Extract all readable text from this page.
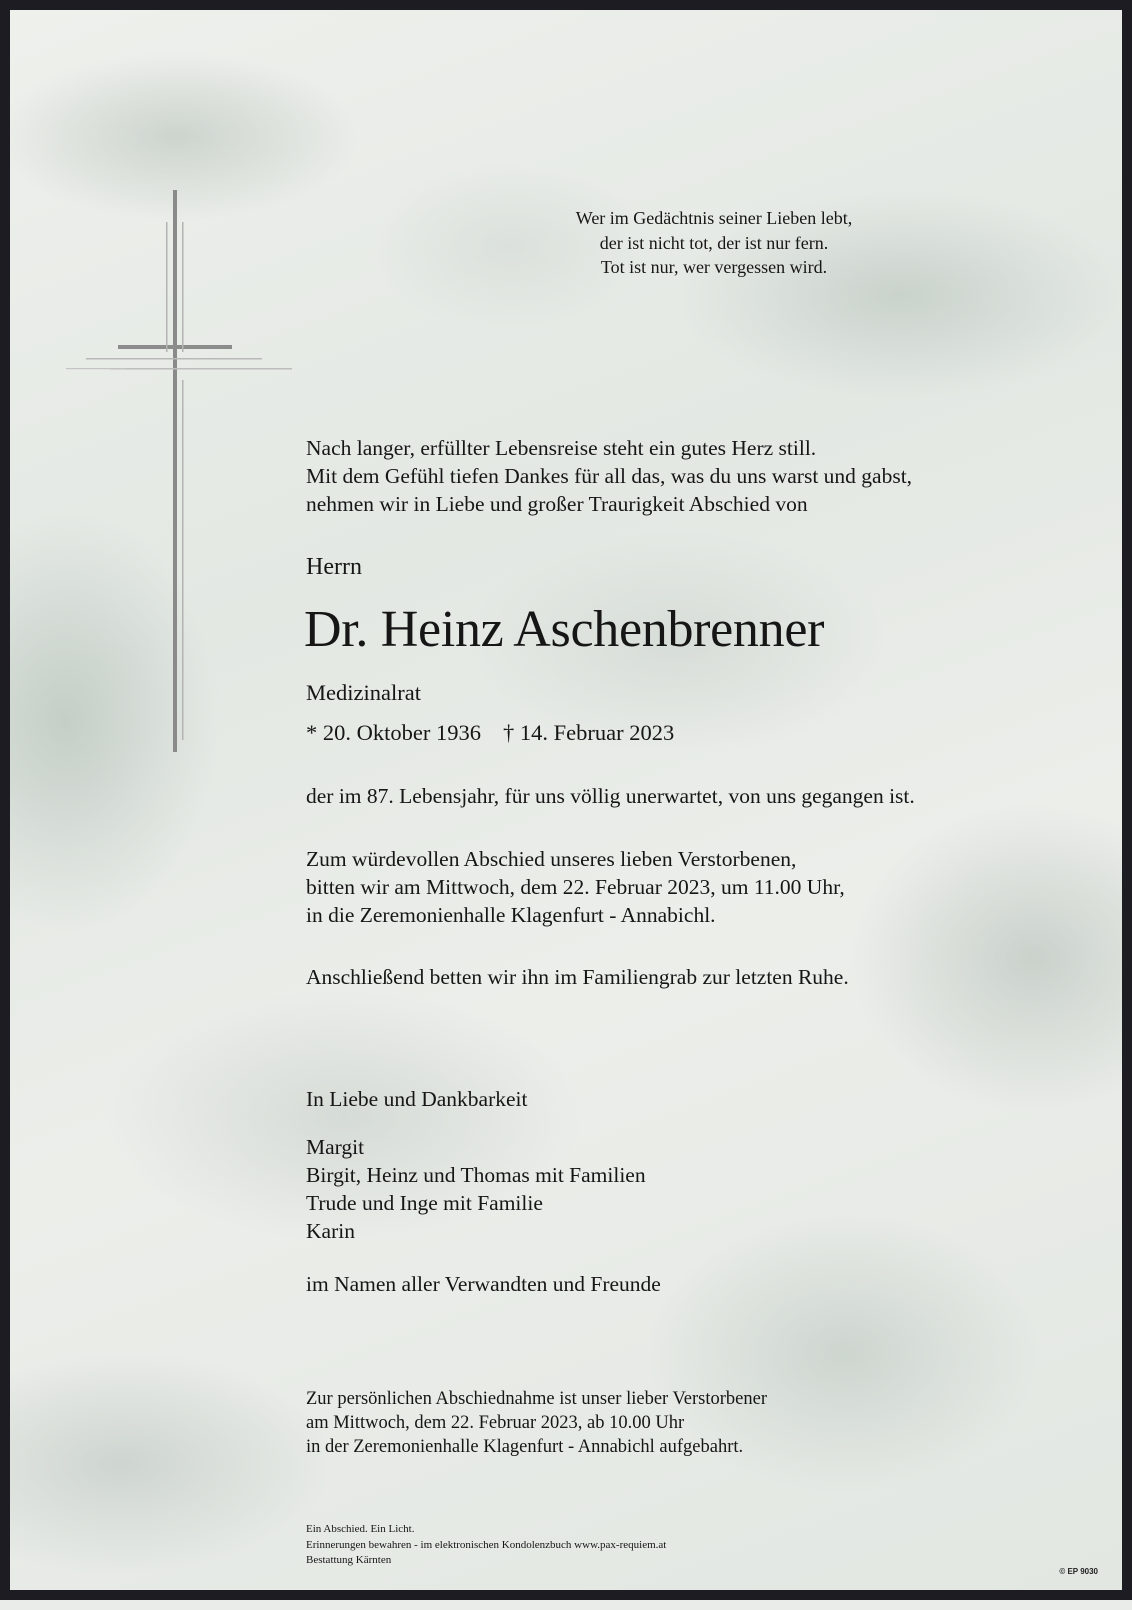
Wer im Gedächtnis seiner Lieben lebt,
der ist nicht tot, der ist nur fern.
Tot ist nur, wer vergessen wird.
Nach langer, erfüllter Lebensreise steht ein gutes Herz still.
Mit dem Gefühl tiefen Dankes für all das, was du uns warst und gabst,
nehmen wir in Liebe und großer Traurigkeit Abschied von
Herrn
Dr. Heinz Aschenbrenner
Medizinalrat
* 20. Oktober 1936 † 14. Februar 2023
der im 87. Lebensjahr, für uns völlig unerwartet, von uns gegangen ist.
Zum würdevollen Abschied unseres lieben Verstorbenen,
bitten wir am Mittwoch, dem 22. Februar 2023, um 11.00 Uhr,
in die Zeremonienhalle Klagenfurt - Annabichl.
Anschließend betten wir ihn im Familiengrab zur letzten Ruhe.
In Liebe und Dankbarkeit
Margit
Birgit, Heinz und Thomas mit Familien
Trude und Inge mit Familie
Karin
im Namen aller Verwandten und Freunde
Zur persönlichen Abschiednahme ist unser lieber Verstorbener
am Mittwoch, dem 22. Februar 2023, ab 10.00 Uhr
in der Zeremonienhalle Klagenfurt - Annabichl aufgebahrt.
Ein Abschied. Ein Licht.
Erinnerungen bewahren - im elektronischen Kondolenzbuch www.pax-requiem.at
Bestattung Kärnten
© EP 9030
